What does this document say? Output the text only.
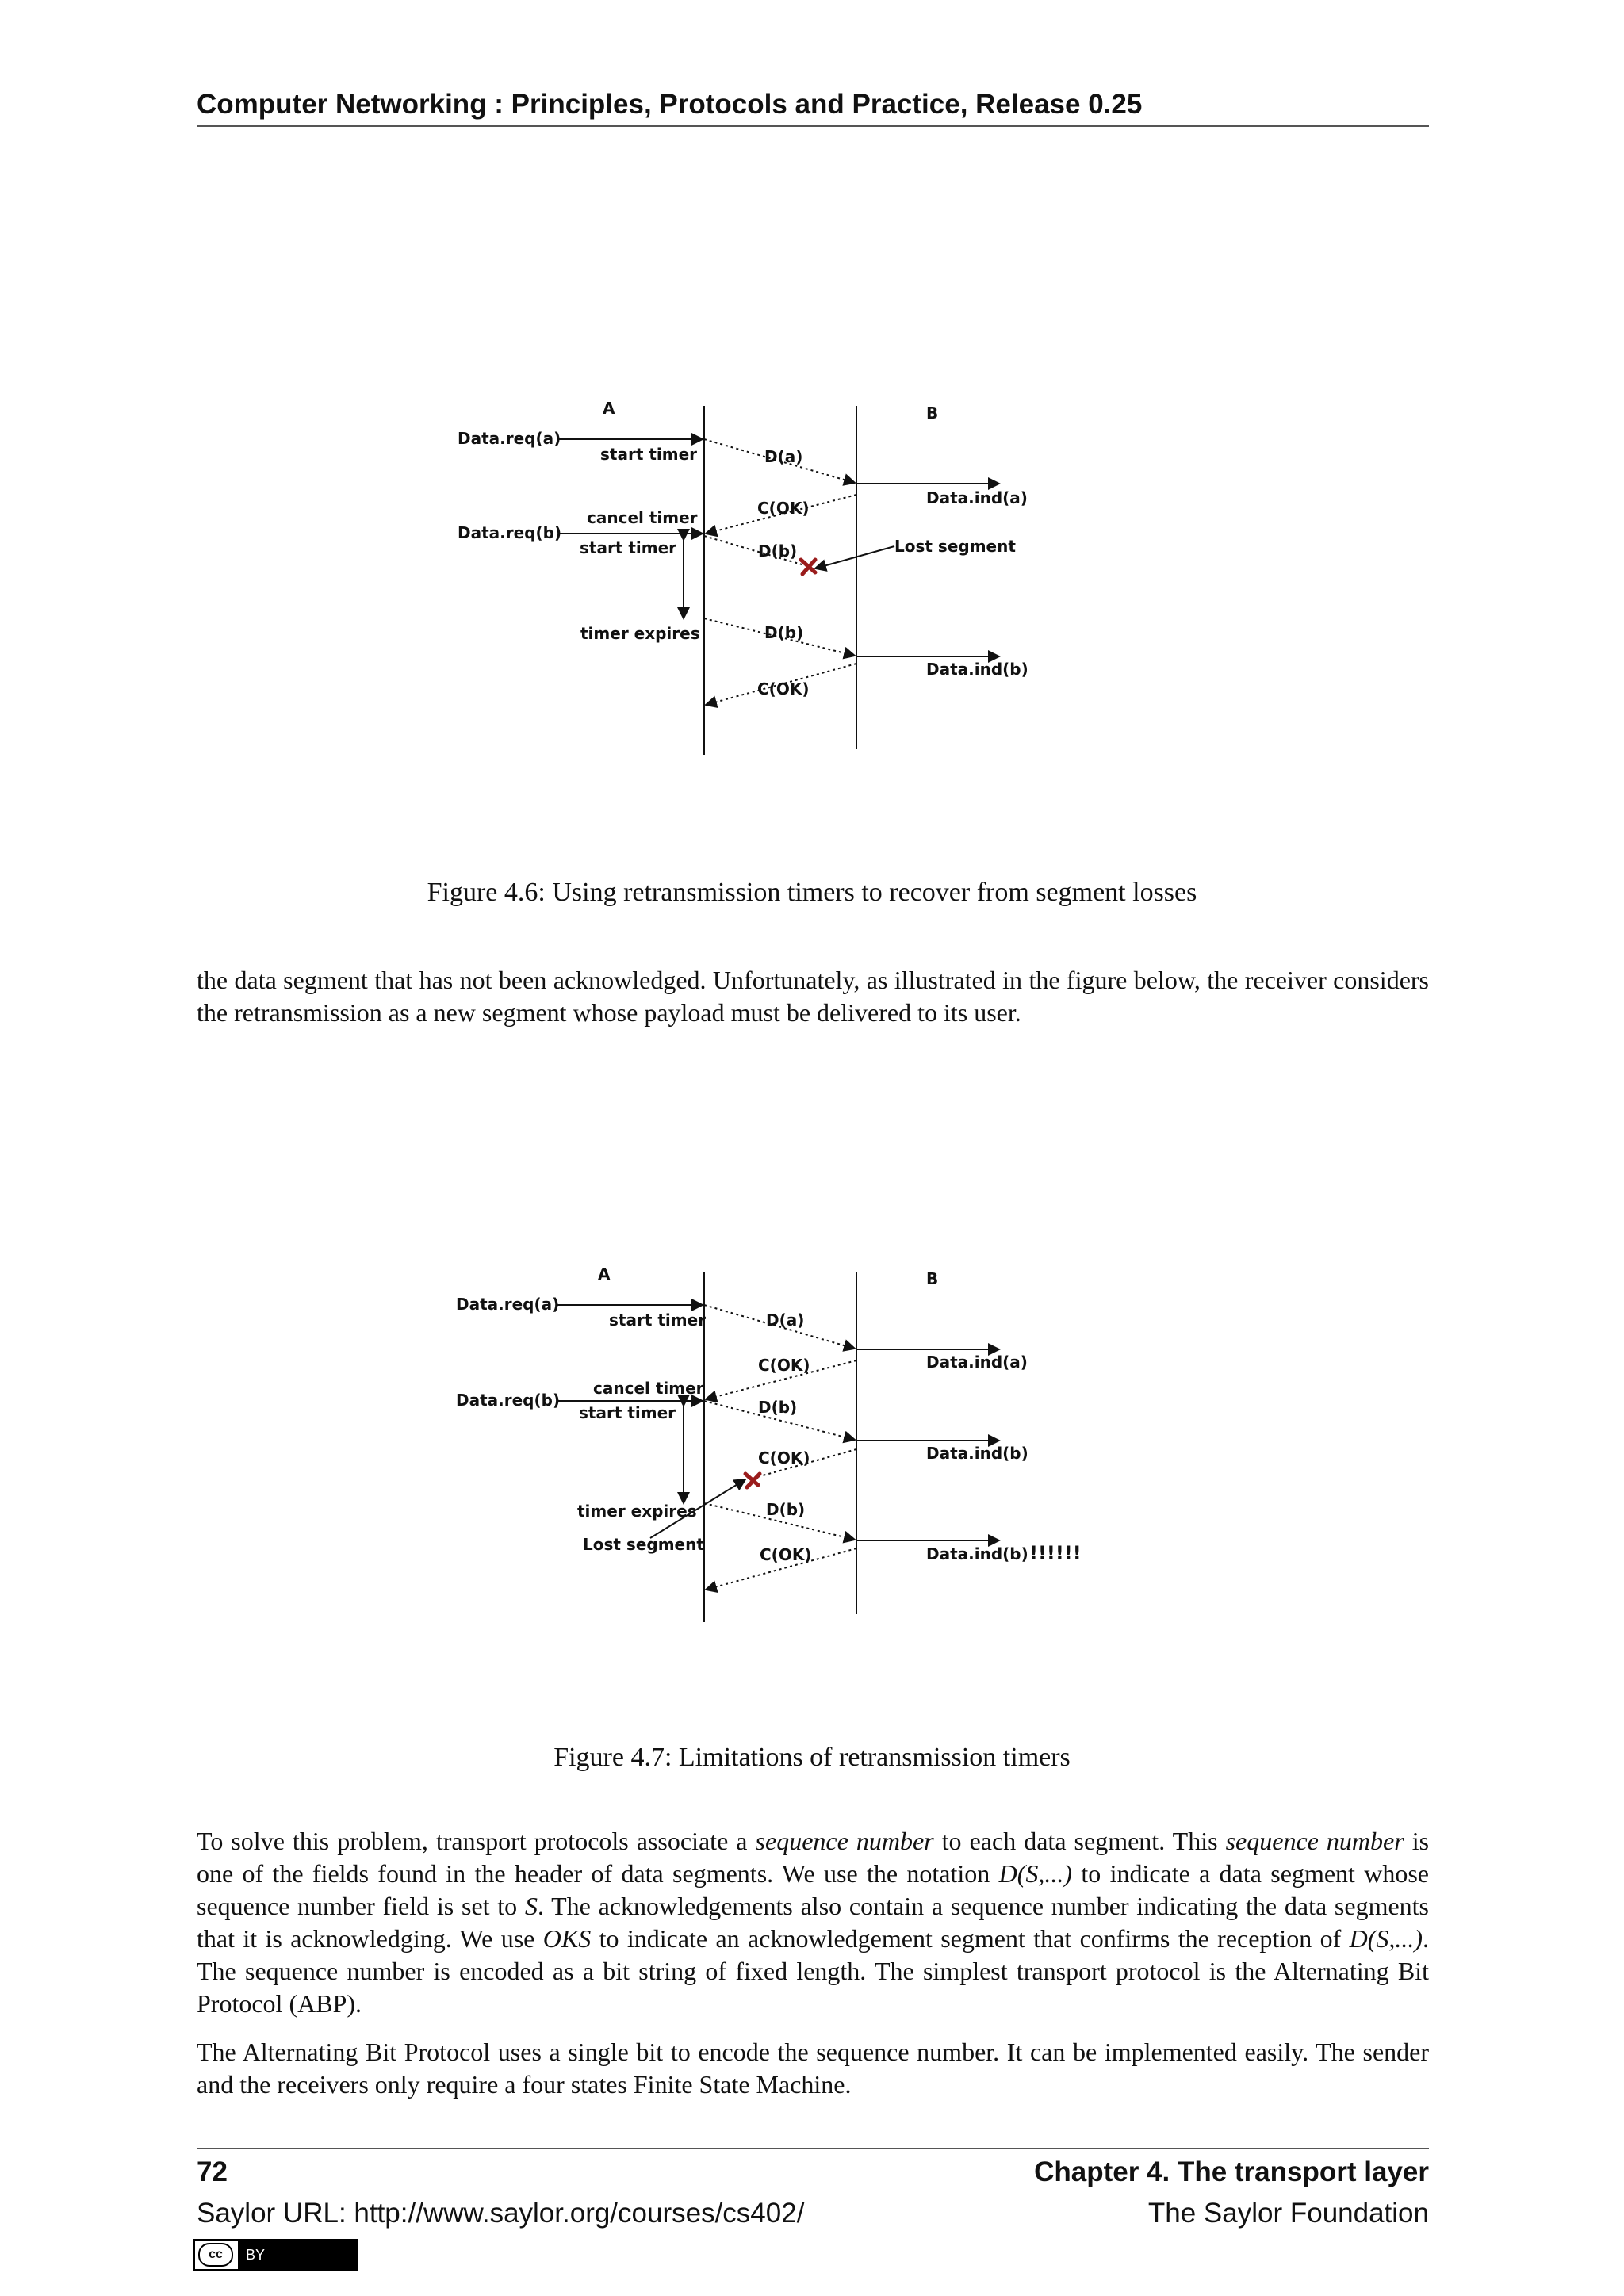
Computer Networking : Principles, Protocols and Practice, Release 0.25
A	B
Data.req(a)
start timer	D(a)
Data.ind(a)
C(OK)
cancel timer
Data.req(b)
start timer	D(b)	Lost segment
timer expires	D(b)
Data.ind(b)
C(OK)
Figure 4.6: Using retransmission timers to recover from segment losses

the data segment that has not been acknowledged. Unfortunately, as illustrated in the figure below, the receiver considers the retransmission as a new segment whose payload must be delivered to its user.

A	B
Data.req(a)
start timer	D(a)
Data.ind(a)
C(OK)
cancel timer
Data.req(b)
start timer	D(b)
Data.ind(b)
C(OK)
timer expires
Lost segment
D(b)
Data.ind(b) !!!!!!
C(OK)
Figure 4.7: Limitations of retransmission timers

To solve this problem, transport protocols associate a sequence number to each data segment. This sequence number is one of the fields found in the header of data segments. We use the notation D(S,...) to indicate a data segment whose sequence number field is set to S. The acknowledgements also contain a sequence number indicating the data segments that it is acknowledging. We use OKS to indicate an acknowledgement segment that confirms the reception of D(S,...). The sequence number is encoded as a bit string of fixed length. The simplest transport protocol is the Alternating Bit Protocol (ABP).

The Alternating Bit Protocol uses a single bit to encode the sequence number. It can be implemented easily. The sender and the receivers only require a four states Finite State Machine.

72	Chapter 4. The transport layer
Saylor URL: http://www.saylor.org/courses/cs402/	The Saylor Foundation
cc	BY
